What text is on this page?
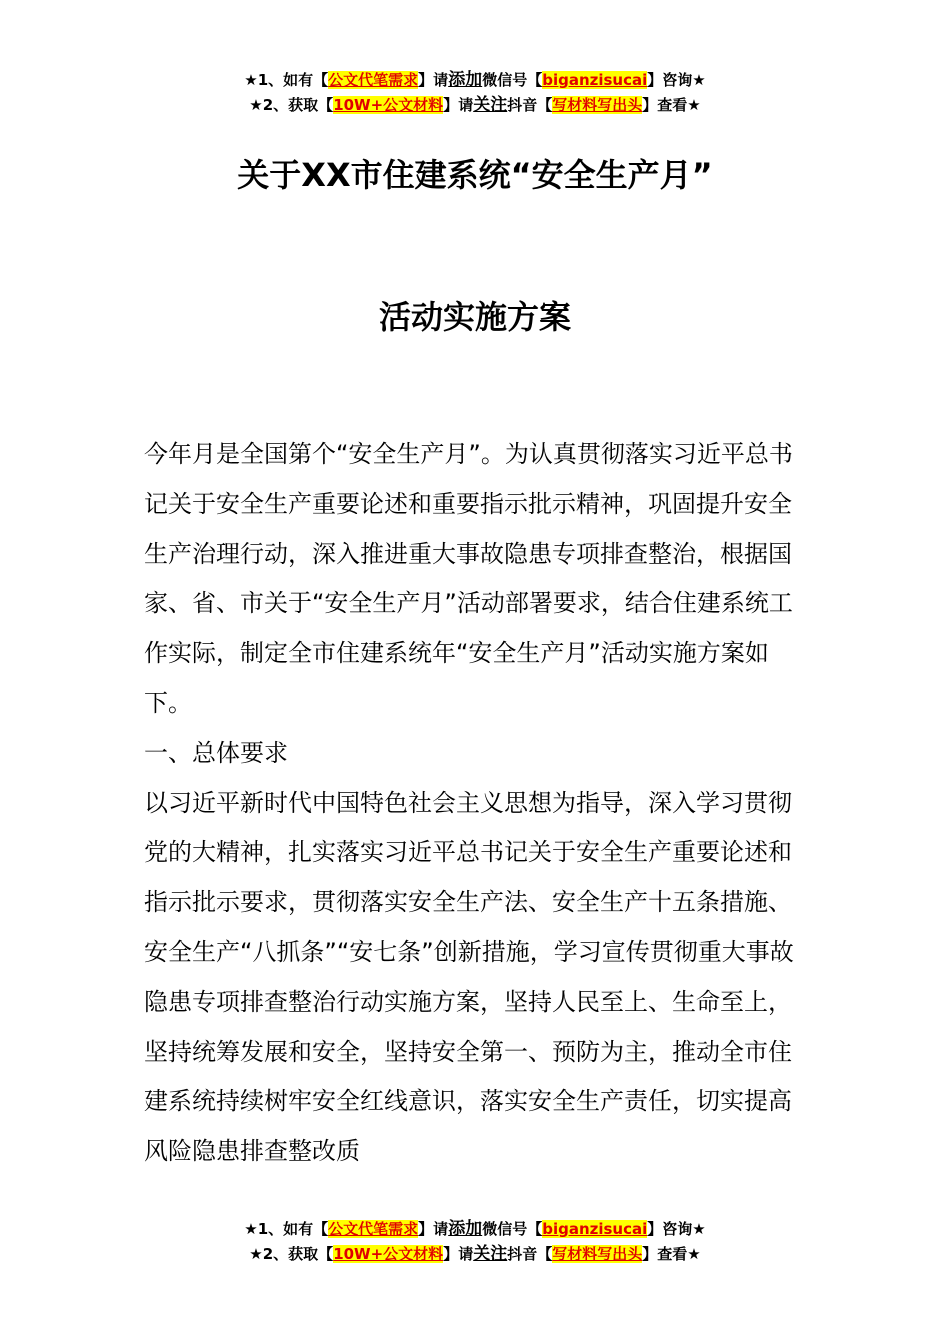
★1、如有【公文代笔需求】请添加微信号【biganzisucai】咨询★
★2、获取【10W+公文材料】请关注抖音【写材料写出头】查看★
关于XX市住建系统“安全生产月”
活动实施方案

今年月是全国第个“安全生产月”。为认真贯彻落实习近平总书记关于安全生产重要论述和重要指示批示精神，巩固提升安全生产治理行动，深入推进重大事故隐患专项排查整治，根据国家、省、市关于“安全生产月”活动部署要求，结合住建系统工作实际，制定全市住建系统年“安全生产月”活动实施方案如下。

一、总体要求

以习近平新时代中国特色社会主义思想为指导，深入学习贯彻党的大精神，扎实落实习近平总书记关于安全生产重要论述和指示批示要求，贯彻落实安全生产法、安全生产十五条措施、安全生产“八抓条”“安七条”创新措施，学习宣传贯彻重大事故隐患专项排查整治行动实施方案，坚持人民至上、生命至上，坚持统筹发展和安全，坚持安全第一、预防为主，推动全市住建系统持续树牢安全红线意识，落实安全生产责任，切实提高风险隐患排查整改质

★1、如有【公文代笔需求】请添加微信号【biganzisucai】咨询★
★2、获取【10W+公文材料】请关注抖音【写材料写出头】查看★
